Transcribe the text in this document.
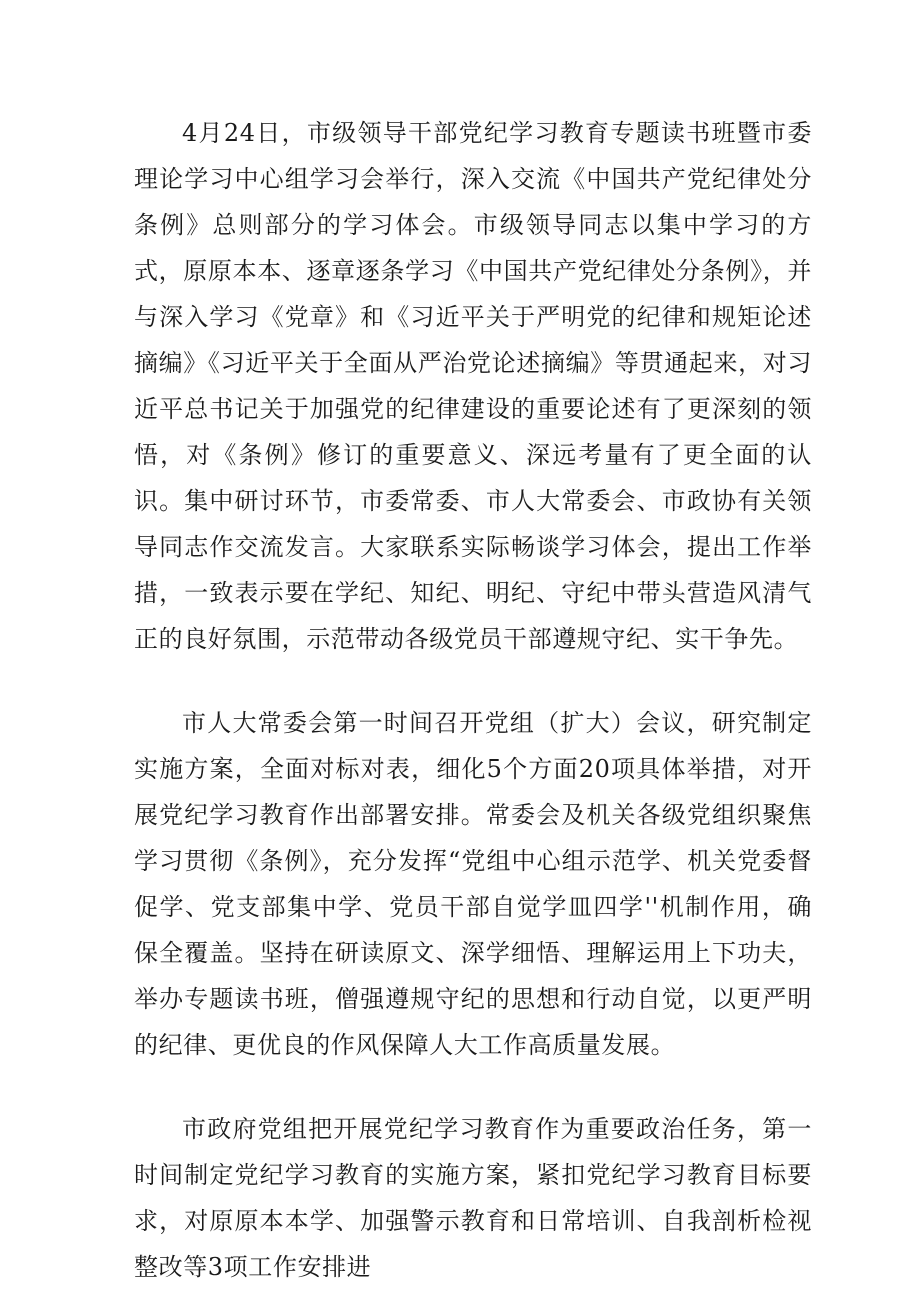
4月24日，市级领导干部党纪学习教育专题读书班暨市委理论学习中心组学习会举行，深入交流《中国共产党纪律处分条例》总则部分的学习体会。市级领导同志以集中学习的方式，原原本本、逐章逐条学习《中国共产党纪律处分条例》，并与深入学习《党章》和《习近平关于严明党的纪律和规矩论述摘编》《习近平关于全面从严治党论述摘编》等贯通起来，对习近平总书记关于加强党的纪律建设的重要论述有了更深刻的领悟，对《条例》修订的重要意义、深远考量有了更全面的认识。集中研讨环节，市委常委、市人大常委会、市政协有关领导同志作交流发言。大家联系实际畅谈学习体会，提出工作举措，一致表示要在学纪、知纪、明纪、守纪中带头营造风清气正的良好氛围，示范带动各级党员干部遵规守纪、实干争先。

市人大常委会第一时间召开党组（扩大）会议，研究制定实施方案，全面对标对表，细化5个方面20项具体举措，对开展党纪学习教育作出部署安排。常委会及机关各级党组织聚焦学习贯彻《条例》，充分发挥“党组中心组示范学、机关党委督促学、党支部集中学、党员干部自觉学皿四学''机制作用，确保全覆盖。坚持在研读原文、深学细悟、理解运用上下功夫，举办专题读书班，僧强遵规守纪的思想和行动自觉，以更严明的纪律、更优良的作风保障人大工作高质量发展。

市政府党组把开展党纪学习教育作为重要政治任务，第一时间制定党纪学习教育的实施方案，紧扣党纪学习教育目标要求，对原原本本学、加强警示教育和日常培训、自我剖析检视整改等3项工作安排进
